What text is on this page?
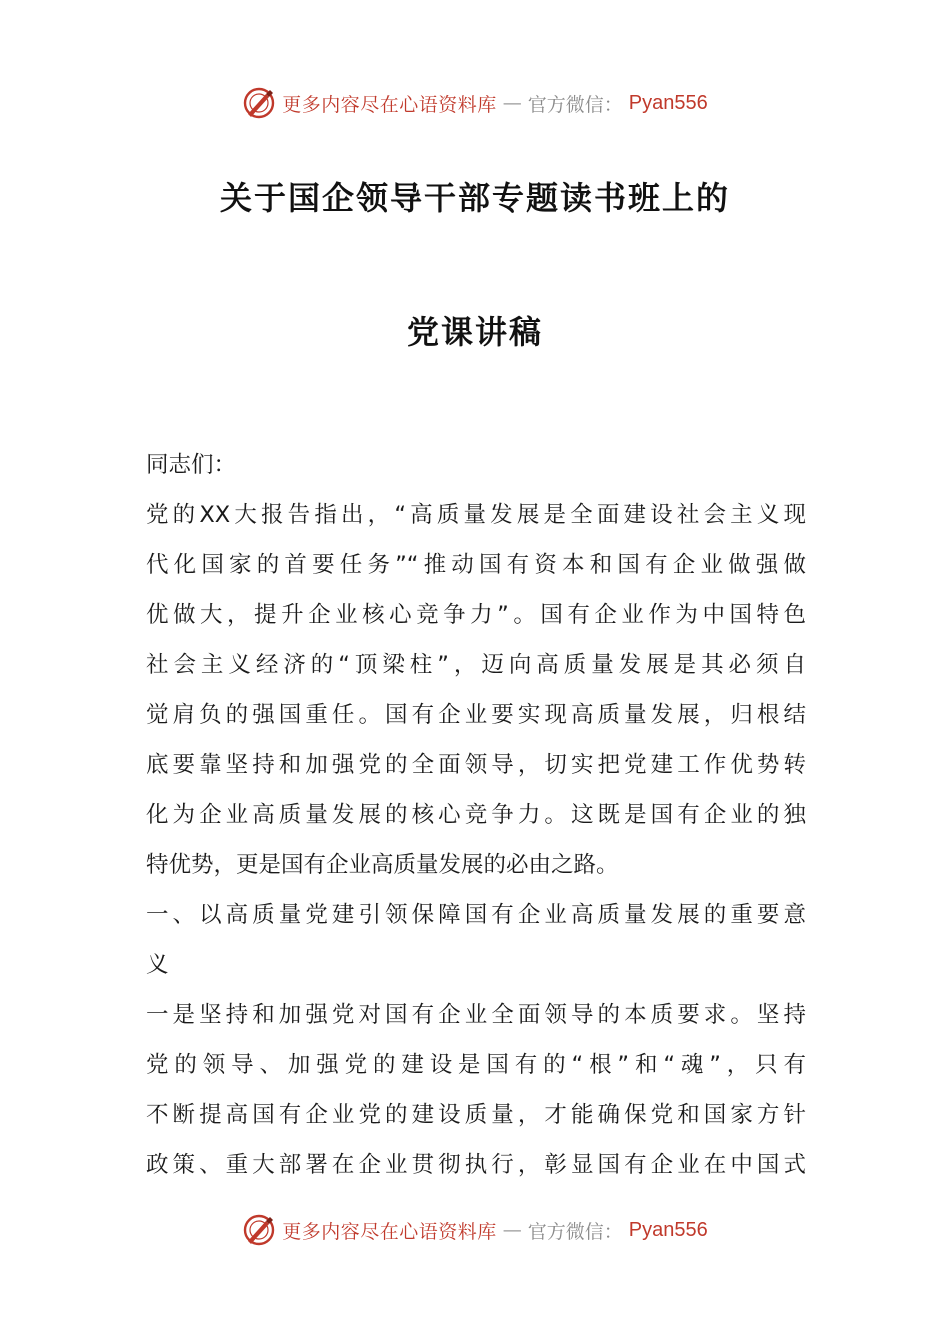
更多内容尽在心语资料库 — 官方微信： Pyan556
关于国企领导干部专题读书班上的
党课讲稿
同志们：
党的XX大报告指出，“高质量发展是全面建设社会主义现
代化国家的首要任务”“推动国有资本和国有企业做强做
优做大，提升企业核心竞争力”。国有企业作为中国特色
社会主义经济的“顶梁柱”，迈向高质量发展是其必须自
觉肩负的强国重任。国有企业要实现高质量发展，归根结
底要靠坚持和加强党的全面领导，切实把党建工作优势转
化为企业高质量发展的核心竞争力。这既是国有企业的独
特优势，更是国有企业高质量发展的必由之路。
一、以高质量党建引领保障国有企业高质量发展的重要意
义
一是坚持和加强党对国有企业全面领导的本质要求。坚持
党的领导、加强党的建设是国有的“根”和“魂”，只有
不断提高国有企业党的建设质量，才能确保党和国家方针
政策、重大部署在企业贯彻执行，彰显国有企业在中国式
更多内容尽在心语资料库 — 官方微信： Pyan556
